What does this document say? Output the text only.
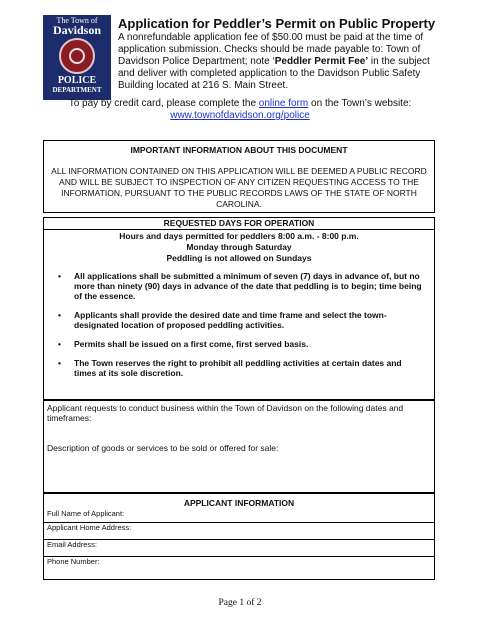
The Town of
Davidson
POLICE
DEPARTMENT
Application for Peddler’s Permit on Public Property

A nonrefundable application fee of $50.00 must be paid at the time of application submission. Checks should be made payable to: Town of Davidson Police Department; note ‘Peddler Permit Fee’ in the subject and deliver with completed application to the Davidson Public Safety Building located at 216 S. Main Street.

To pay by credit card, please complete the online form on the Town’s website:
www.townofdavidson.org/police

IMPORTANT INFORMATION ABOUT THIS DOCUMENT
ALL INFORMATION CONTAINED ON THIS APPLICATION WILL BE DEEMED A PUBLIC RECORD AND WILL BE SUBJECT TO INSPECTION OF ANY CITIZEN REQUESTING ACCESS TO THE INFORMATION, PURSUANT TO THE PUBLIC RECORDS LAWS OF THE STATE OF NORTH CAROLINA.
REQUESTED DAYS FOR OPERATION
Hours and days permitted for peddlers 8:00 a.m. - 8:00 p.m.
Monday through Saturday
Peddling is not allowed on Sundays
• All applications shall be submitted a minimum of seven (7) days in advance of, but no more than ninety (90) days in advance of the date that peddling is to begin; time being of the essence.
• Applicants shall provide the desired date and time frame and select the town-designated location of proposed peddling activities.
• Permits shall be issued on a first come, first served basis.
• The Town reserves the right to prohibit all peddling activities at certain dates and times at its sole discretion.
Applicant requests to conduct business within the Town of Davidson on the following dates and timeframes:
Description of goods or services to be sold or offered for sale:
APPLICANT INFORMATION
Full Name of Applicant:
Applicant Home Address:
Email Address:
Phone Number:

Page 1 of 2
